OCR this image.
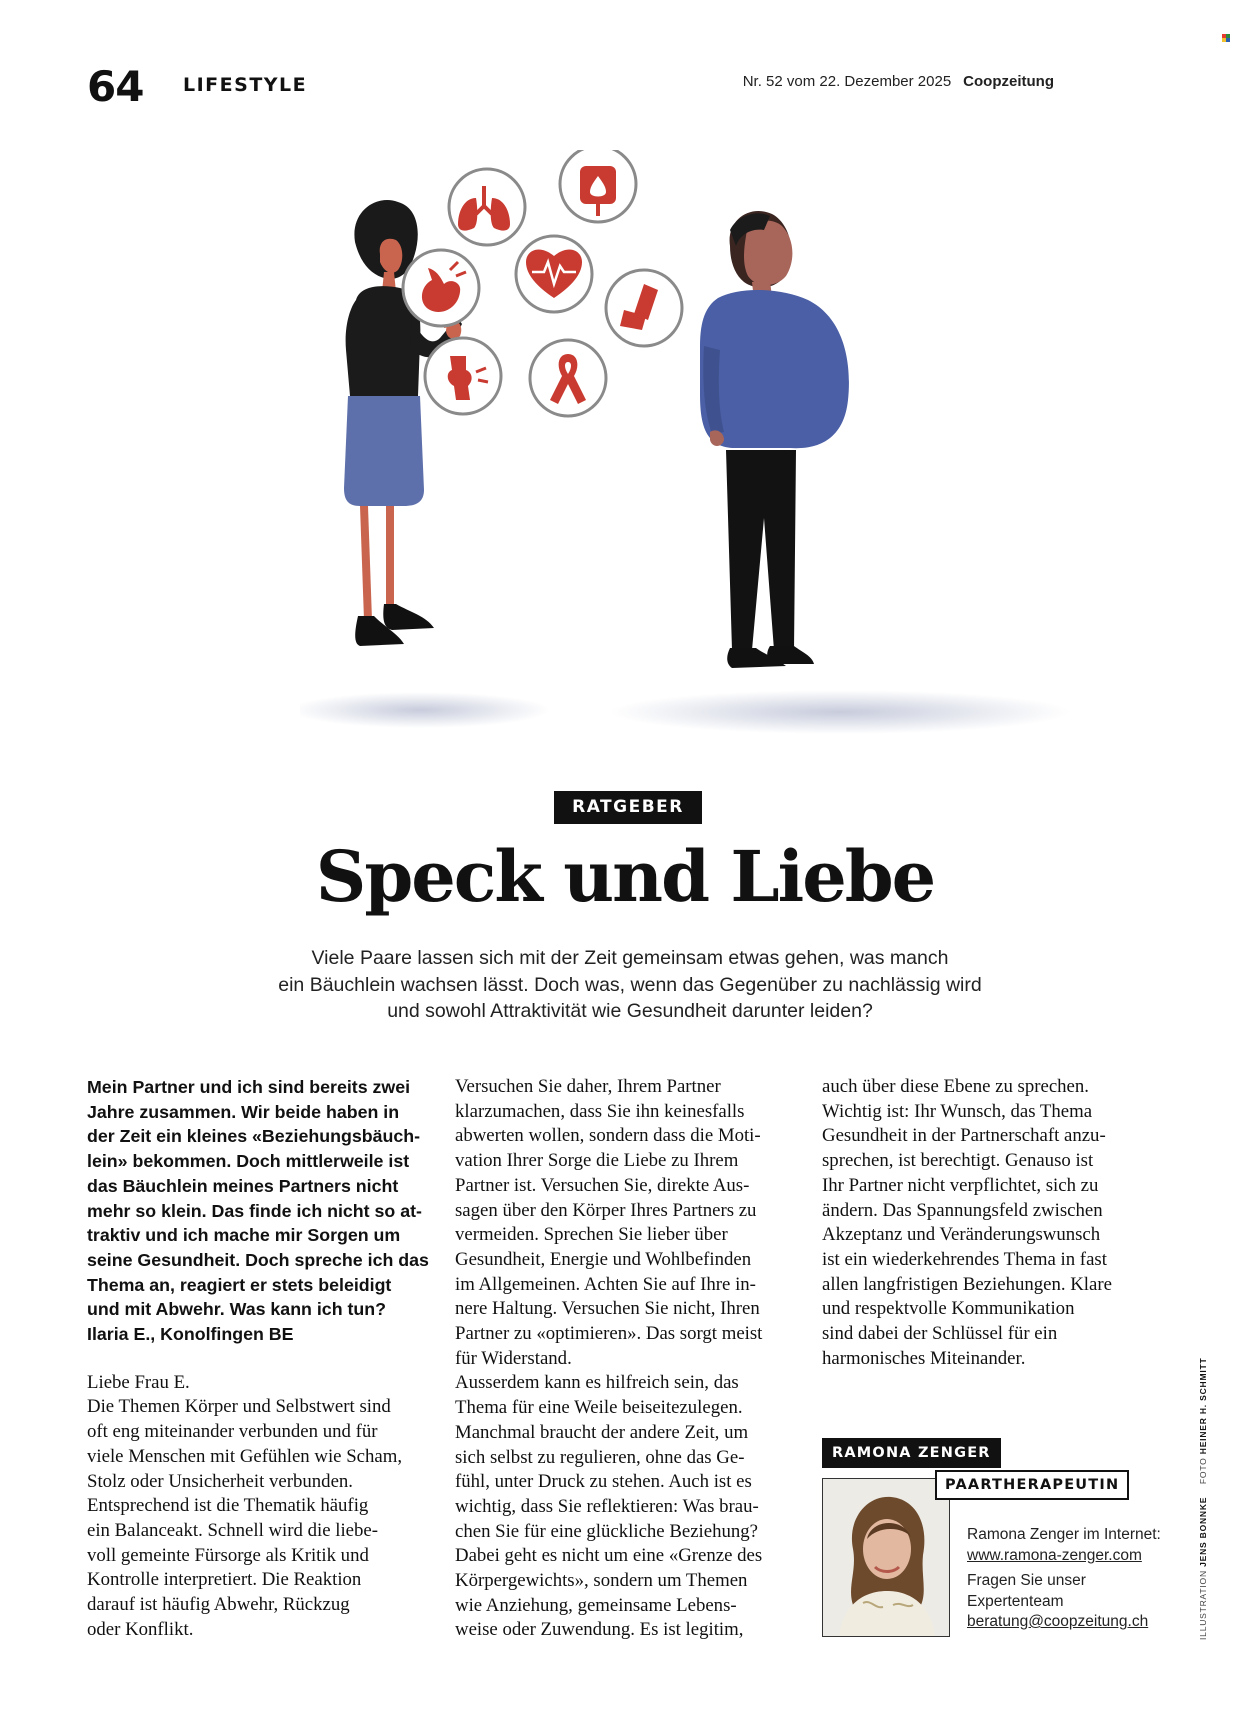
64 LIFESTYLE	Nr. 52 vom 22. Dezember 2025 Coopzeitung
RATGEBER
Speck und Liebe
Viele Paare lassen sich mit der Zeit gemeinsam etwas gehen, was manch
ein Bäuchlein wachsen lässt. Doch was, wenn das Gegenüber zu nachlässig wird
und sowohl Attraktivität wie Gesundheit darunter leiden?
Mein Partner und ich sind bereits zwei
Jahre zusammen. Wir beide haben in
der Zeit ein kleines «Beziehungsbäuch-
lein» bekommen. Doch mittlerweile ist
das Bäuchlein meines Partners nicht
mehr so klein. Das finde ich nicht so at-
traktiv und ich mache mir Sorgen um
seine Gesundheit. Doch spreche ich das
Thema an, reagiert er stets beleidigt
und mit Abwehr. Was kann ich tun?
Ilaria E., Konolfingen BE
Liebe Frau E.
Die Themen Körper und Selbstwert sind
oft eng miteinander verbunden und für
viele Menschen mit Gefühlen wie Scham,
Stolz oder Unsicherheit verbunden.
Entsprechend ist die Thematik häufig
ein Balanceakt. Schnell wird die liebe-
voll gemeinte Fürsorge als Kritik und
Kontrolle interpretiert. Die Reaktion
darauf ist häufig Abwehr, Rückzug
oder Konflikt.
Versuchen Sie daher, Ihrem Partner
klarzumachen, dass Sie ihn keinesfalls
abwerten wollen, sondern dass die Moti-
vation Ihrer Sorge die Liebe zu Ihrem
Partner ist. Versuchen Sie, direkte Aus-
sagen über den Körper Ihres Partners zu
vermeiden. Sprechen Sie lieber über
Gesundheit, Energie und Wohlbefinden
im Allgemeinen. Achten Sie auf Ihre in-
nere Haltung. Versuchen Sie nicht, Ihren
Partner zu «optimieren». Das sorgt meist
für Widerstand.
Ausserdem kann es hilfreich sein, das
Thema für eine Weile beiseitezulegen.
Manchmal braucht der andere Zeit, um
sich selbst zu regulieren, ohne das Ge-
fühl, unter Druck zu stehen. Auch ist es
wichtig, dass Sie reflektieren: Was brau-
chen Sie für eine glückliche Beziehung?
Dabei geht es nicht um eine «Grenze des
Körpergewichts», sondern um Themen
wie Anziehung, gemeinsame Lebens-
weise oder Zuwendung. Es ist legitim,
auch über diese Ebene zu sprechen.
Wichtig ist: Ihr Wunsch, das Thema
Gesundheit in der Partnerschaft anzu-
sprechen, ist berechtigt. Genauso ist
Ihr Partner nicht verpflichtet, sich zu
ändern. Das Spannungsfeld zwischen
Akzeptanz und Veränderungswunsch
ist ein wiederkehrendes Thema in fast
allen langfristigen Beziehungen. Klare
und respektvolle Kommunikation
sind dabei der Schlüssel für ein
harmonisches Miteinander.
RAMONA ZENGER
PAARTHERAPEUTIN
Ramona Zenger im Internet:
www.ramona-zenger.com
Fragen Sie unser
Expertenteam
beratung@coopzeitung.ch	ILLUSTRATION JENS BONNKE    FOTO HEINER H. SCHMITT
